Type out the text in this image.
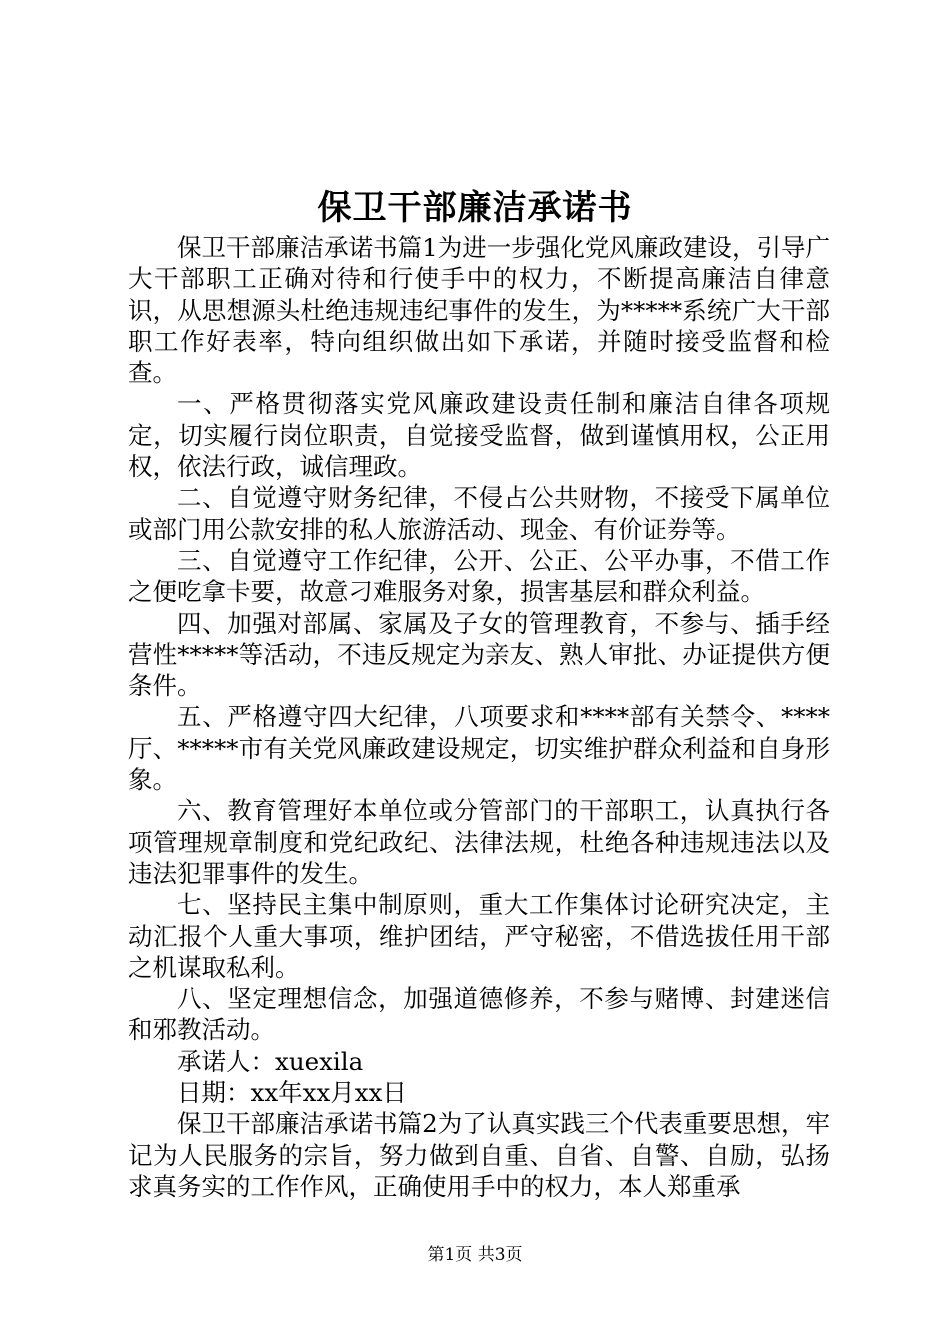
保卫干部廉洁承诺书

保卫干部廉洁承诺书篇1为进一步强化党风廉政建设，引导广大干部职工正确对待和行使手中的权力，不断提高廉洁自律意识，从思想源头杜绝违规违纪事件的发生，为*****系统广大干部职工作好表率，特向组织做出如下承诺，并随时接受监督和检查。

一、严格贯彻落实党风廉政建设责任制和廉洁自律各项规定，切实履行岗位职责，自觉接受监督，做到谨慎用权，公正用权，依法行政，诚信理政。

二、自觉遵守财务纪律，不侵占公共财物，不接受下属单位或部门用公款安排的私人旅游活动、现金、有价证券等。

三、自觉遵守工作纪律，公开、公正、公平办事，不借工作之便吃拿卡要，故意刁难服务对象，损害基层和群众利益。

四、加强对部属、家属及子女的管理教育，不参与、插手经营性*****等活动，不违反规定为亲友、熟人审批、办证提供方便条件。

五、严格遵守四大纪律，八项要求和****部有关禁令、****厅、*****市有关党风廉政建设规定，切实维护群众利益和自身形象。

六、教育管理好本单位或分管部门的干部职工，认真执行各项管理规章制度和党纪政纪、法律法规，杜绝各种违规违法以及违法犯罪事件的发生。

七、坚持民主集中制原则，重大工作集体讨论研究决定，主动汇报个人重大事项，维护团结，严守秘密，不借选拔任用干部之机谋取私利。

八、坚定理想信念，加强道德修养，不参与赌博、封建迷信和邪教活动。

承诺人：xuexila

日期：xx年xx月xx日

保卫干部廉洁承诺书篇2为了认真实践三个代表重要思想，牢记为人民服务的宗旨，努力做到自重、自省、自警、自励，弘扬求真务实的工作作风，正确使用手中的权力，本人郑重承

第1页 共3页
